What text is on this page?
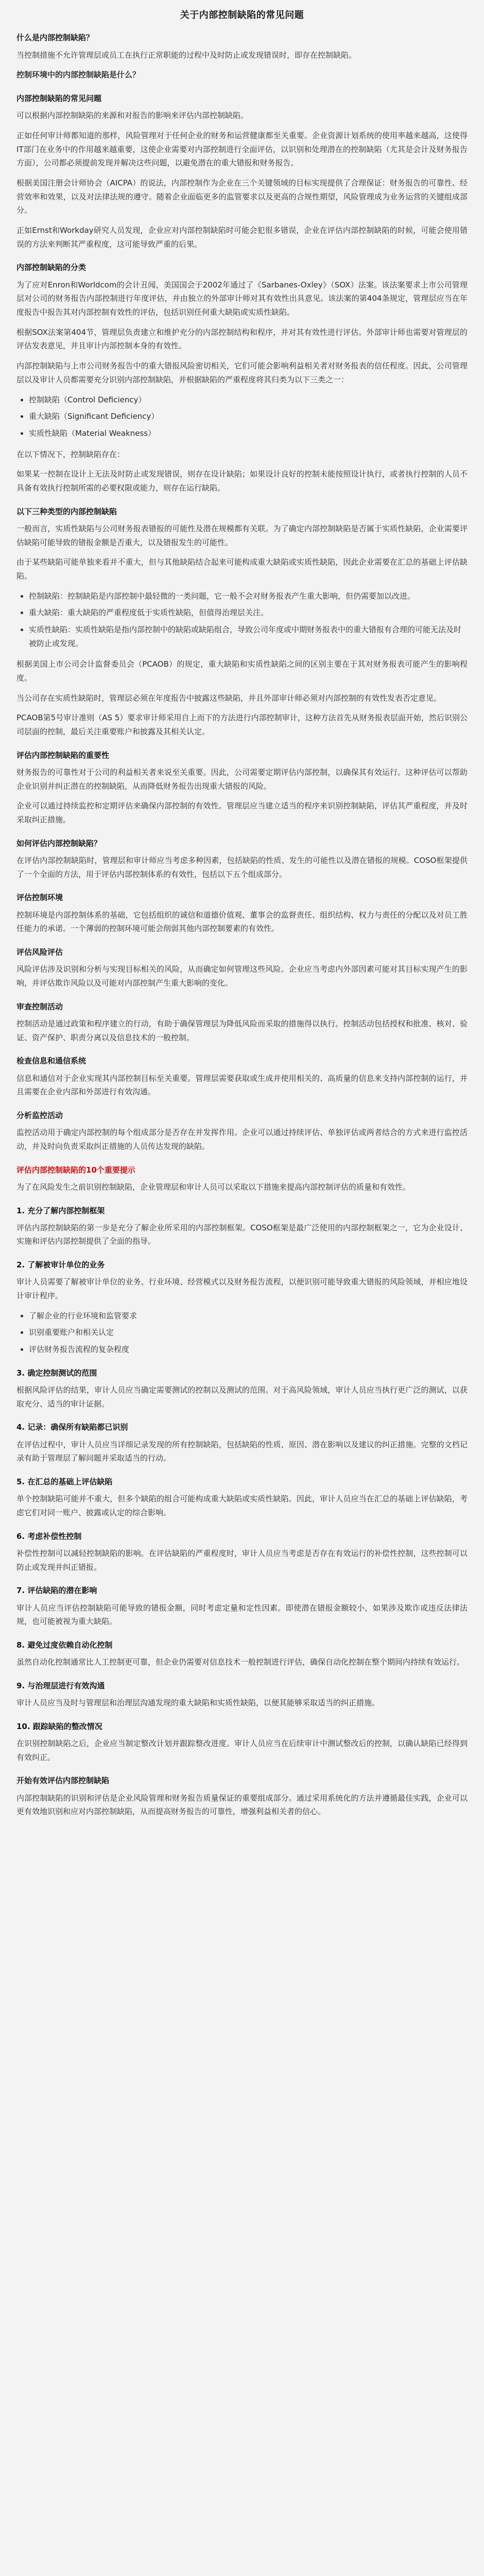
关于内部控制缺陷的常见问题
什么是内部控制缺陷？

当控制措施不允许管理层或员工在执行正常职能的过程中及时防止或发现错误时，即存在控制缺陷。

控制环境中的内部控制缺陷是什么？

内部控制缺陷的常见问题

可以根据内部控制缺陷的来源和对报告的影响来评估内部控制缺陷。

正如任何审计师都知道的那样，风险管理对于任何企业的财务和运营健康都至关重要。企业资源计划系统的使用率越来越高，这使得IT部门在业务中的作用越来越重要，这使企业需要对内部控制进行全面评估，以识别和处理潜在的控制缺陷（尤其是会计及财务报告方面），公司都必须提前发现并解决这些问题，以避免潜在的重大错报和财务报告。

根据美国注册会计师协会（AICPA）的说法，内部控制作为企业在三个关键领域的目标实现提供了合理保证：财务报告的可靠性、经营效率和效果，以及对法律法规的遵守。随着企业面临更多的监管要求以及更高的合规性期望，风险管理成为业务运营的关键组成部分。

正如Ernst和Workday研究人员发现，企业应对内部控制缺陷时可能会犯很多错误，企业在评估内部控制缺陷的时候，可能会使用错误的方法来判断其严重程度，这可能导致严重的后果。

内部控制缺陷的分类

为了应对Enron和Worldcom的会计丑闻，美国国会于2002年通过了《Sarbanes-Oxley》（SOX）法案。该法案要求上市公司管理层对公司的财务报告内部控制进行年度评估，并由独立的外部审计师对其有效性出具意见。该法案的第404条规定，管理层应当在年度报告中报告其对内部控制有效性的评估，包括识别任何重大缺陷或实质性缺陷。

根据SOX法案第404节，管理层负责建立和维护充分的内部控制结构和程序，并对其有效性进行评估。外部审计师也需要对管理层的评估发表意见，并且审计内部控制本身的有效性。

内部控制缺陷与上市公司财务报告中的重大错报风险密切相关，它们可能会影响利益相关者对财务报表的信任程度。因此，公司管理层以及审计人员都需要充分识别内部控制缺陷，并根据缺陷的严重程度将其归类为以下三类之一：

• 控制缺陷（Control Deficiency）
• 重大缺陷（Significant Deficiency）
• 实质性缺陷（Material Weakness）

在以下情况下，控制缺陷存在：

如果某一控制在设计上无法及时防止或发现错误，则存在设计缺陷；如果设计良好的控制未能按照设计执行，或者执行控制的人员不具备有效执行控制所需的必要权限或能力，则存在运行缺陷。

以下三种类型的内部控制缺陷

一般而言，实质性缺陷与公司财务报表错报的可能性及潜在规模都有关联。为了确定内部控制缺陷是否属于实质性缺陷，企业需要评估缺陷可能导致的错报金额是否重大，以及错报发生的可能性。

由于某些缺陷可能单独来看并不重大，但与其他缺陷结合起来可能构成重大缺陷或实质性缺陷，因此企业需要在汇总的基础上评估缺陷。

• 控制缺陷：控制缺陷是内部控制中最轻微的一类问题，它一般不会对财务报表产生重大影响，但仍需要加以改进。
• 重大缺陷：重大缺陷的严重程度低于实质性缺陷，但值得治理层关注。
• 实质性缺陷：实质性缺陷是指内部控制中的缺陷或缺陷组合，导致公司年度或中期财务报表中的重大错报有合理的可能无法及时被防止或发现。

根据美国上市公司会计监督委员会（PCAOB）的规定，重大缺陷和实质性缺陷之间的区别主要在于其对财务报表可能产生的影响程度。

当公司存在实质性缺陷时，管理层必须在年度报告中披露这些缺陷，并且外部审计师必须对内部控制的有效性发表否定意见。

PCAOB第5号审计准则（AS 5）要求审计师采用自上而下的方法进行内部控制审计，这种方法首先从财务报表层面开始，然后识别公司层面的控制，最后关注重要账户和披露及其相关认定。

评估内部控制缺陷的重要性

财务报告的可靠性对于公司的利益相关者来说至关重要。因此，公司需要定期评估内部控制，以确保其有效运行。这种评估可以帮助企业识别并纠正潜在的控制缺陷，从而降低财务报告出现重大错报的风险。

企业可以通过持续监控和定期评估来确保内部控制的有效性。管理层应当建立适当的程序来识别控制缺陷，评估其严重程度，并及时采取纠正措施。

如何评估内部控制缺陷？

在评估内部控制缺陷时，管理层和审计师应当考虑多种因素，包括缺陷的性质、发生的可能性以及潜在错报的规模。COSO框架提供了一个全面的方法，用于评估内部控制体系的有效性，包括以下五个组成部分。

评估控制环境

控制环境是内部控制体系的基础，它包括组织的诚信和道德价值观、董事会的监督责任、组织结构、权力与责任的分配以及对员工胜任能力的承诺。一个薄弱的控制环境可能会削弱其他内部控制要素的有效性。

评估风险评估

风险评估涉及识别和分析与实现目标相关的风险，从而确定如何管理这些风险。企业应当考虑内外部因素可能对其目标实现产生的影响，并评估欺诈风险以及可能对内部控制产生重大影响的变化。

审查控制活动

控制活动是通过政策和程序建立的行动，有助于确保管理层为降低风险而采取的措施得以执行。控制活动包括授权和批准、核对、验证、资产保护、职责分离以及信息技术的一般控制。

检查信息和通信系统

信息和通信对于企业实现其内部控制目标至关重要。管理层需要获取或生成并使用相关的、高质量的信息来支持内部控制的运行，并且需要在企业内部和外部进行有效沟通。

分析监控活动

监控活动用于确定内部控制的每个组成部分是否存在并发挥作用。企业可以通过持续评估、单独评估或两者结合的方式来进行监控活动，并及时向负责采取纠正措施的人员传达发现的缺陷。

评估内部控制缺陷的10个重要提示

为了在风险发生之前识别控制缺陷，企业管理层和审计人员可以采取以下措施来提高内部控制评估的质量和有效性。

1. 充分了解内部控制框架

评估内部控制缺陷的第一步是充分了解企业所采用的内部控制框架。COSO框架是最广泛使用的内部控制框架之一，它为企业设计、实施和评估内部控制提供了全面的指导。

2. 了解被审计单位的业务

审计人员需要了解被审计单位的业务、行业环境、经营模式以及财务报告流程，以便识别可能导致重大错报的风险领域，并相应地设计审计程序。

• 了解企业的行业环境和监管要求
• 识别重要账户和相关认定
• 评估财务报告流程的复杂程度
3. 确定控制测试的范围

根据风险评估的结果，审计人员应当确定需要测试的控制以及测试的范围。对于高风险领域，审计人员应当执行更广泛的测试，以获取充分、适当的审计证据。

4. 记录：确保所有缺陷都已识别

在评估过程中，审计人员应当详细记录发现的所有控制缺陷，包括缺陷的性质、原因、潜在影响以及建议的纠正措施。完整的文档记录有助于管理层了解问题并采取适当的行动。

5. 在汇总的基础上评估缺陷

单个控制缺陷可能并不重大，但多个缺陷的组合可能构成重大缺陷或实质性缺陷。因此，审计人员应当在汇总的基础上评估缺陷，考虑它们对同一账户、披露或认定的综合影响。

6. 考虑补偿性控制

补偿性控制可以减轻控制缺陷的影响。在评估缺陷的严重程度时，审计人员应当考虑是否存在有效运行的补偿性控制，这些控制可以防止或发现并纠正错报。

7. 评估缺陷的潜在影响

审计人员应当评估控制缺陷可能导致的错报金额，同时考虑定量和定性因素。即使潜在错报金额较小，如果涉及欺诈或违反法律法规，也可能被视为重大缺陷。

8. 避免过度依赖自动化控制

虽然自动化控制通常比人工控制更可靠，但企业仍需要对信息技术一般控制进行评估，确保自动化控制在整个期间内持续有效运行。

9. 与治理层进行有效沟通

审计人员应当及时与管理层和治理层沟通发现的重大缺陷和实质性缺陷，以便其能够采取适当的纠正措施。

10. 跟踪缺陷的整改情况

在识别控制缺陷之后，企业应当制定整改计划并跟踪整改进度。审计人员应当在后续审计中测试整改后的控制，以确认缺陷已经得到有效纠正。

开始有效评估内部控制缺陷

内部控制缺陷的识别和评估是企业风险管理和财务报告质量保证的重要组成部分。通过采用系统化的方法并遵循最佳实践，企业可以更有效地识别和应对内部控制缺陷，从而提高财务报告的可靠性，增强利益相关者的信心。
